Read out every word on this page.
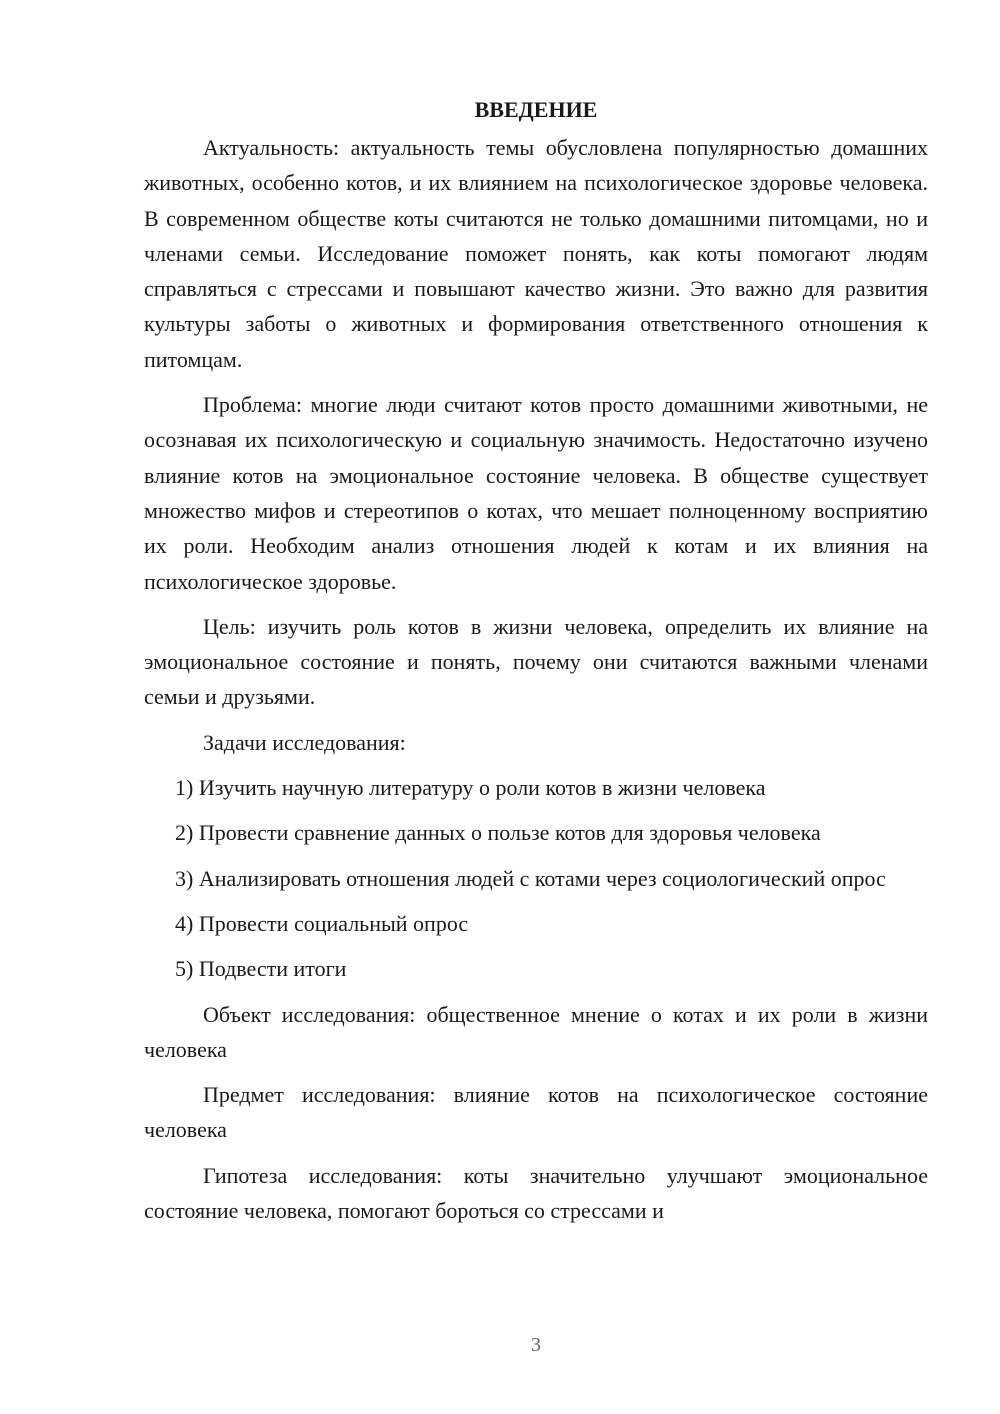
ВВЕДЕНИЕ

Актуальность: актуальность темы обусловлена популярностью домашних животных, особенно котов, и их влиянием на психологическое здоровье человека. В современном обществе коты считаются не только домашними питомцами, но и членами семьи. Исследование поможет понять, как коты помогают людям справляться с стрессами и повышают качество жизни. Это важно для развития культуры заботы о животных и формирования ответственного отношения к питомцам.

Проблема: многие люди считают котов просто домашними животными, не осознавая их психологическую и социальную значимость. Недостаточно изучено влияние котов на эмоциональное состояние человека. В обществе существует множество мифов и стереотипов о котах, что мешает полноценному восприятию их роли. Необходим анализ отношения людей к котам и их влияния на психологическое здоровье.

Цель: изучить роль котов в жизни человека, определить их влияние на эмоциональное состояние и понять, почему они считаются важными членами семьи и друзьями.

Задачи исследования:

1) Изучить научную литературу о роли котов в жизни человека

2) Провести сравнение данных о пользе котов для здоровья человека

3) Анализировать отношения людей с котами через социологический опрос

4) Провести социальный опрос

5) Подвести итоги

Объект исследования: общественное мнение о котах и их роли в жизни человека

Предмет исследования: влияние котов на психологическое состояние человека

Гипотеза исследования: коты значительно улучшают эмоциональное состояние человека, помогают бороться со стрессами и

3
